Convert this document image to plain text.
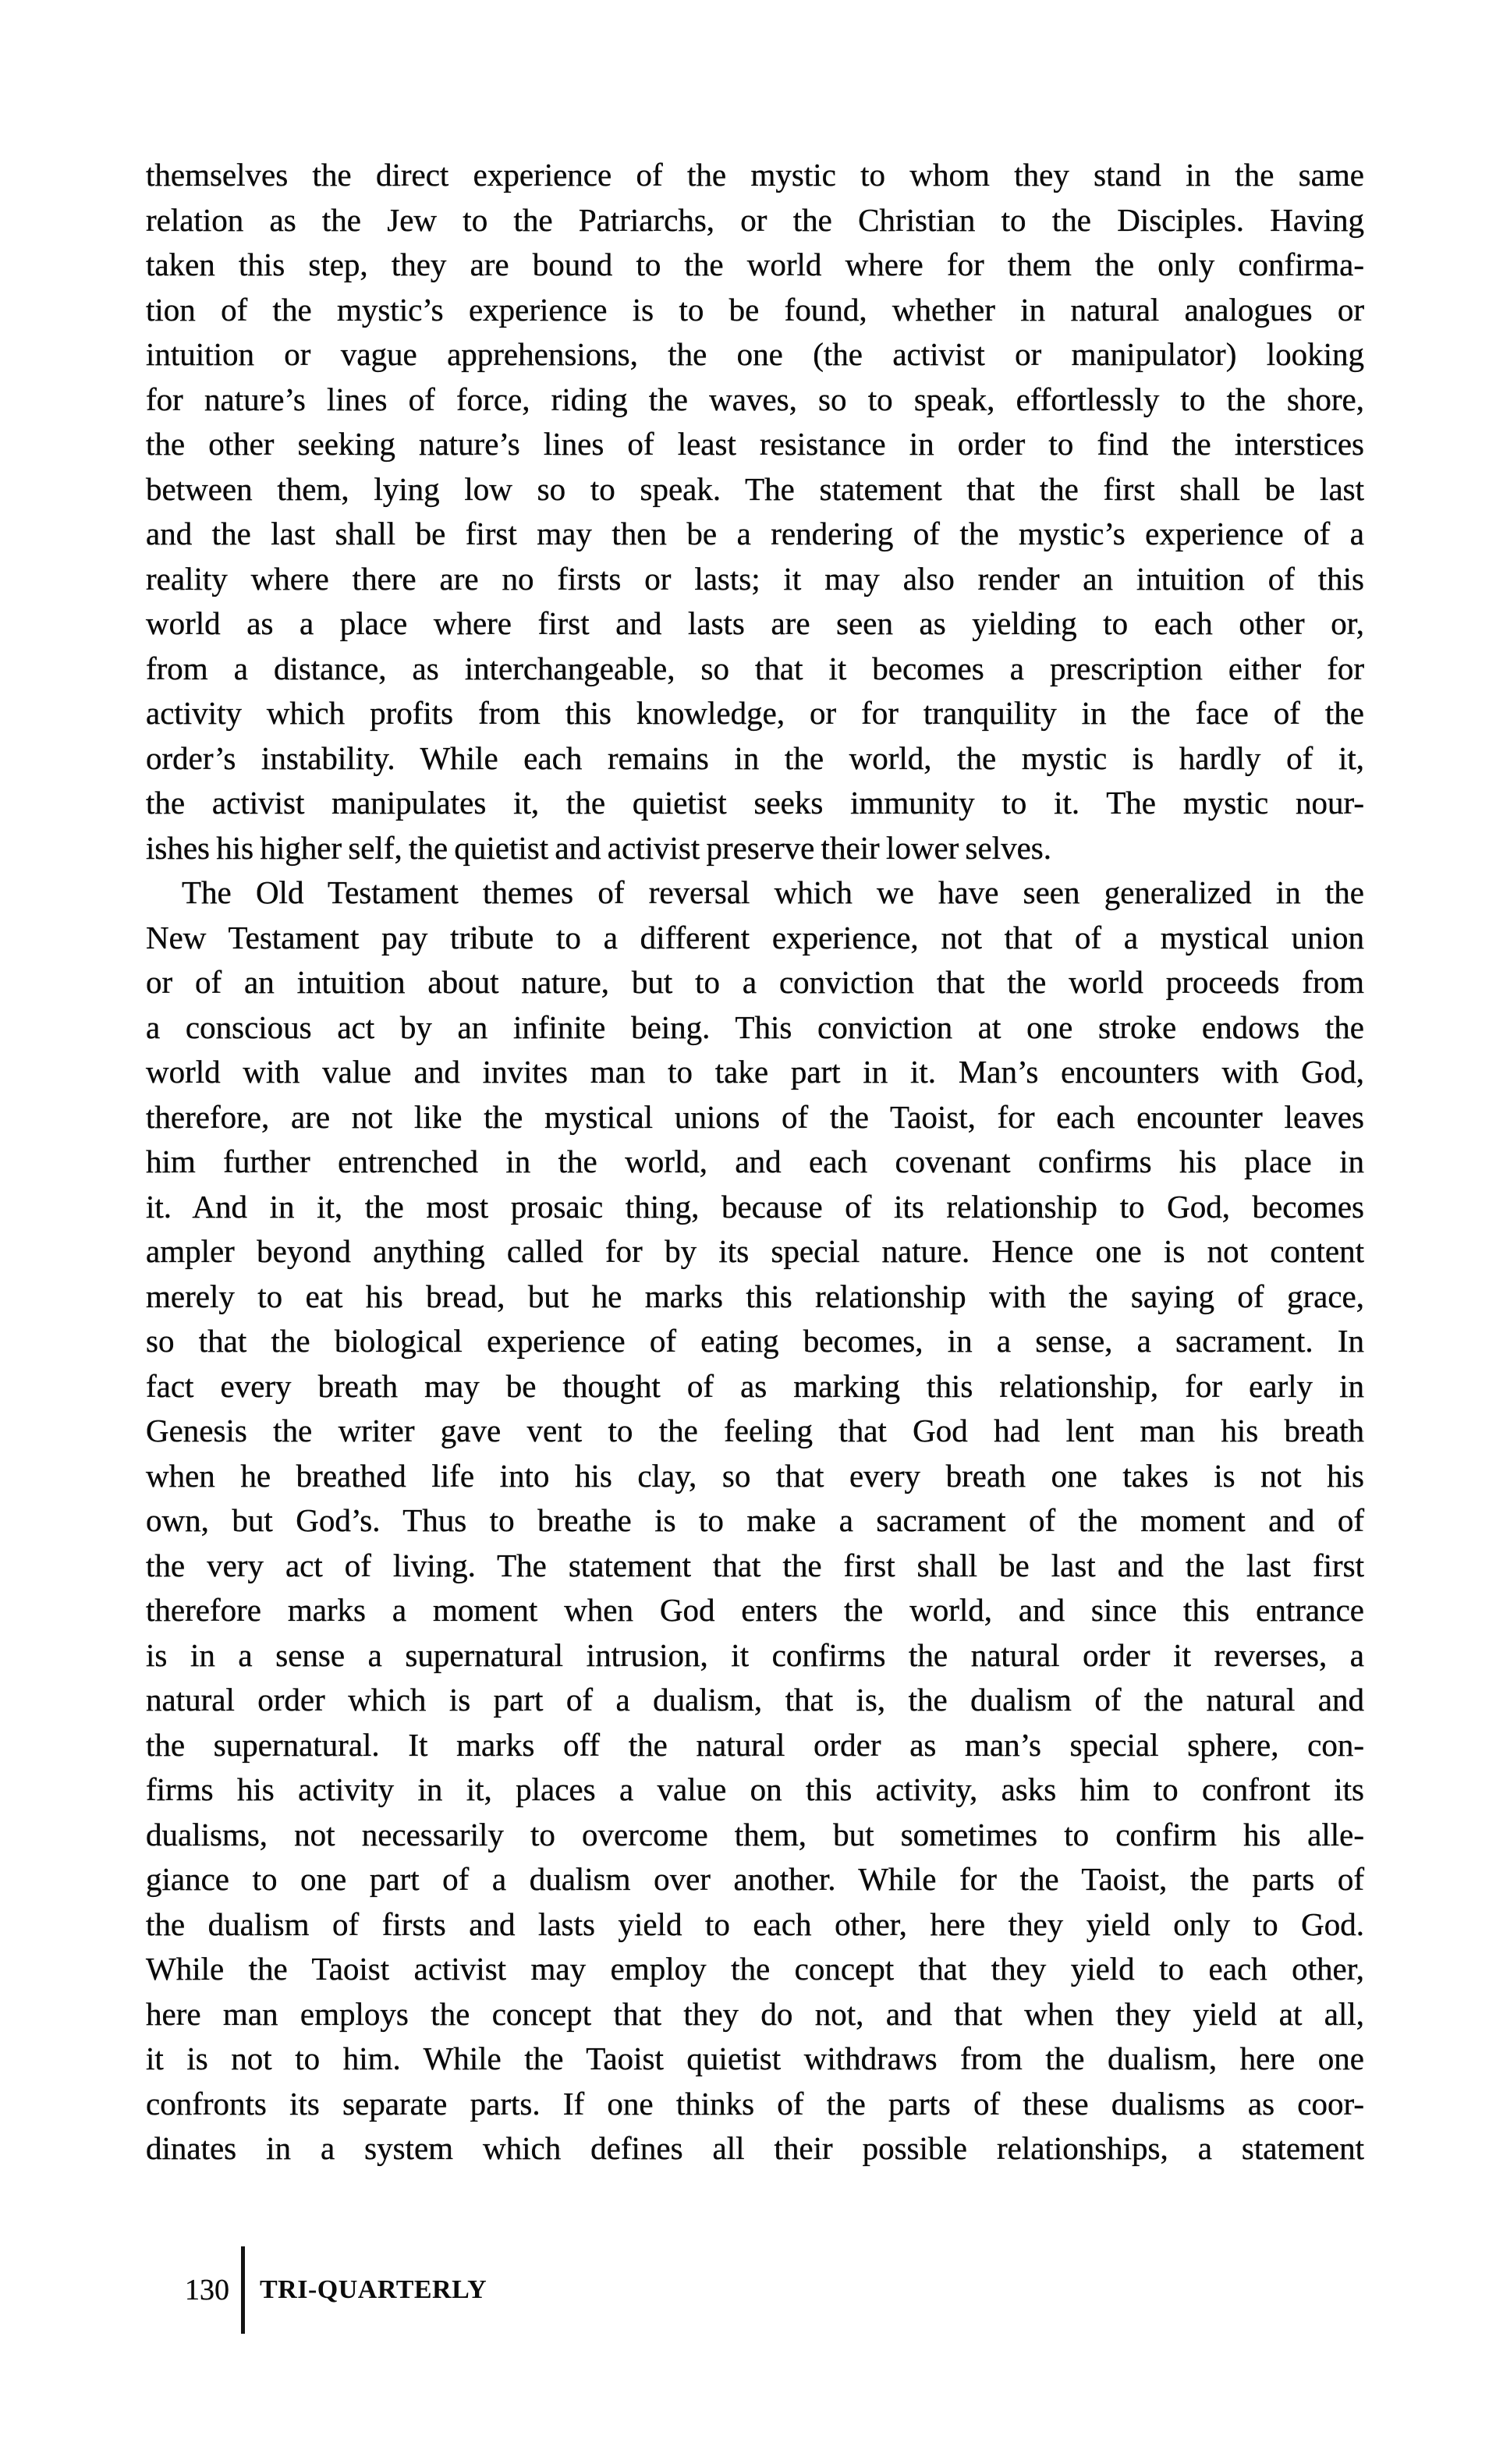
themselves the direct experience of the mystic to whom they stand in the same
relation as the Jew to the Patriarchs, or the Christian to the Disciples. Having
taken this step, they are bound to the world where for them the only confirma-
tion of the mystic’s experience is to be found, whether in natural analogues or
intuition or vague apprehensions, the one (the activist or manipulator) looking
for nature’s lines of force, riding the waves, so to speak, effortlessly to the shore,
the other seeking nature’s lines of least resistance in order to find the interstices
between them, lying low so to speak. The statement that the first shall be last
and the last shall be first may then be a rendering of the mystic’s experience of a
reality where there are no firsts or lasts; it may also render an intuition of this
world as a place where first and lasts are seen as yielding to each other or,
from a distance, as interchangeable, so that it becomes a prescription either for
activity which profits from this knowledge, or for tranquility in the face of the
order’s instability. While each remains in the world, the mystic is hardly of it,
the activist manipulates it, the quietist seeks immunity to it. The mystic nour-
ishes his higher self, the quietist and activist preserve their lower selves.
The Old Testament themes of reversal which we have seen generalized in the
New Testament pay tribute to a different experience, not that of a mystical union
or of an intuition about nature, but to a conviction that the world proceeds from
a conscious act by an infinite being. This conviction at one stroke endows the
world with value and invites man to take part in it. Man’s encounters with God,
therefore, are not like the mystical unions of the Taoist, for each encounter leaves
him further entrenched in the world, and each covenant confirms his place in
it. And in it, the most prosaic thing, because of its relationship to God, becomes
ampler beyond anything called for by its special nature. Hence one is not content
merely to eat his bread, but he marks this relationship with the saying of grace,
so that the biological experience of eating becomes, in a sense, a sacrament. In
fact every breath may be thought of as marking this relationship, for early in
Genesis the writer gave vent to the feeling that God had lent man his breath
when he breathed life into his clay, so that every breath one takes is not his
own, but God’s. Thus to breathe is to make a sacrament of the moment and of
the very act of living. The statement that the first shall be last and the last first
therefore marks a moment when God enters the world, and since this entrance
is in a sense a supernatural intrusion, it confirms the natural order it reverses, a
natural order which is part of a dualism, that is, the dualism of the natural and
the supernatural. It marks off the natural order as man’s special sphere, con-
firms his activity in it, places a value on this activity, asks him to confront its
dualisms, not necessarily to overcome them, but sometimes to confirm his alle-
giance to one part of a dualism over another. While for the Taoist, the parts of
the dualism of firsts and lasts yield to each other, here they yield only to God.
While the Taoist activist may employ the concept that they yield to each other,
here man employs the concept that they do not, and that when they yield at all,
it is not to him. While the Taoist quietist withdraws from the dualism, here one
confronts its separate parts. If one thinks of the parts of these dualisms as coor-
dinates in a system which defines all their possible relationships, a statement
130 TRI-QUARTERLY
